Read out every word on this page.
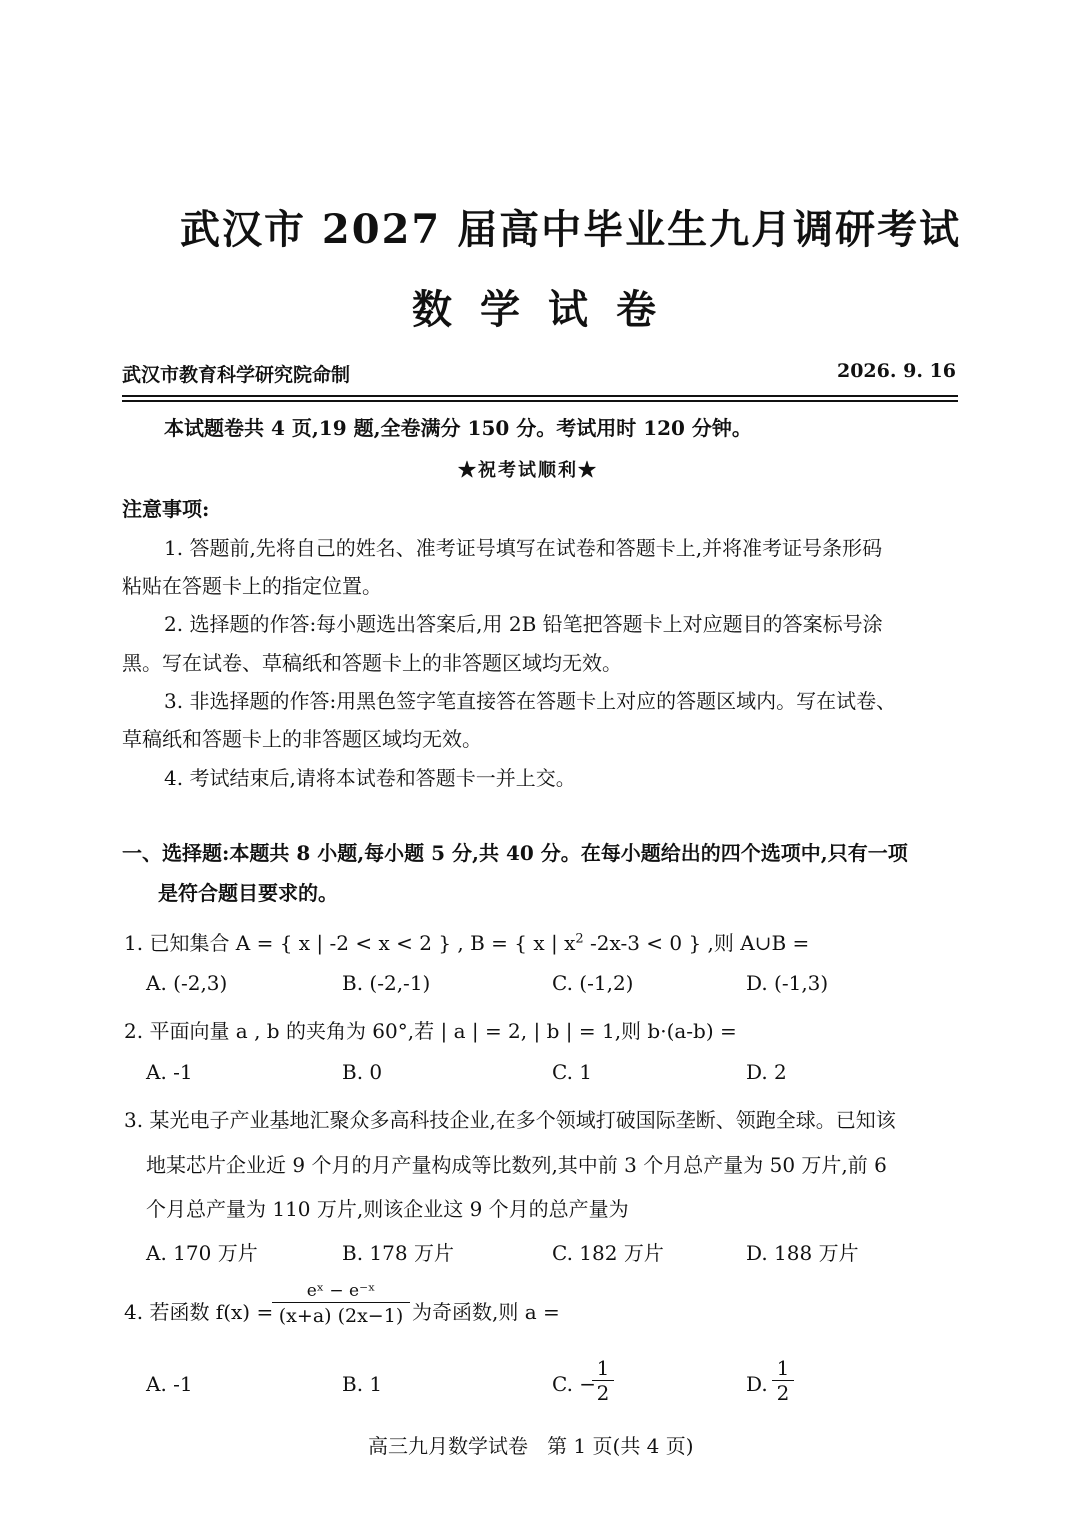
武汉市 2027 届高中毕业生九月调研考试
数学试卷
武汉市教育科学研究院命制	2026. 9. 16
本试题卷共 4 页,19 题,全卷满分 150 分。考试用时 120 分钟。
★祝考试顺利★
注意事项:
1. 答题前,先将自己的姓名、准考证号填写在试卷和答题卡上,并将准考证号条形码
粘贴在答题卡上的指定位置。
2. 选择题的作答:每小题选出答案后,用 2B 铅笔把答题卡上对应题目的答案标号涂
黑。写在试卷、草稿纸和答题卡上的非答题区域均无效。
3. 非选择题的作答:用黑色签字笔直接答在答题卡上对应的答题区域内。写在试卷、
草稿纸和答题卡上的非答题区域均无效。
4. 考试结束后,请将本试卷和答题卡一并上交。
一、选择题:本题共 8 小题,每小题 5 分,共 40 分。在每小题给出的四个选项中,只有一项
是符合题目要求的。
1. 已知集合 A = { x | -2 < x < 2 } , B = { x | $x^2$ -2x-3 < 0 } ,则 A∪B =
A. (-2,3)	B. (-2,-1)	C. (-1,2)	D. (-1,3)
2. 平面向量 a , b 的夹角为 60°,若 | a | = 2, | b | = 1,则 b·(a-b) =
A. -1	B. 0	C. 1	D. 2
3. 某光电子产业基地汇聚众多高科技企业,在多个领域打破国际垄断、领跑全球。已知该
地某芯片企业近 9 个月的月产量构成等比数列,其中前 3 个月总产量为 50 万片,前 6
个月总产量为 110 万片,则该企业这 9 个月的总产量为
A. 170 万片	B. 178 万片	C. 182 万片	D. 188 万片
4. 若函数 f(x) =
eˣ − e⁻ˣ
(x+a) (2x−1) 为奇函数,则 a =
A. -1	B. 1	C. −
1
2	D.
1
2
高三九月数学试卷   第 1 页(共 4 页)
